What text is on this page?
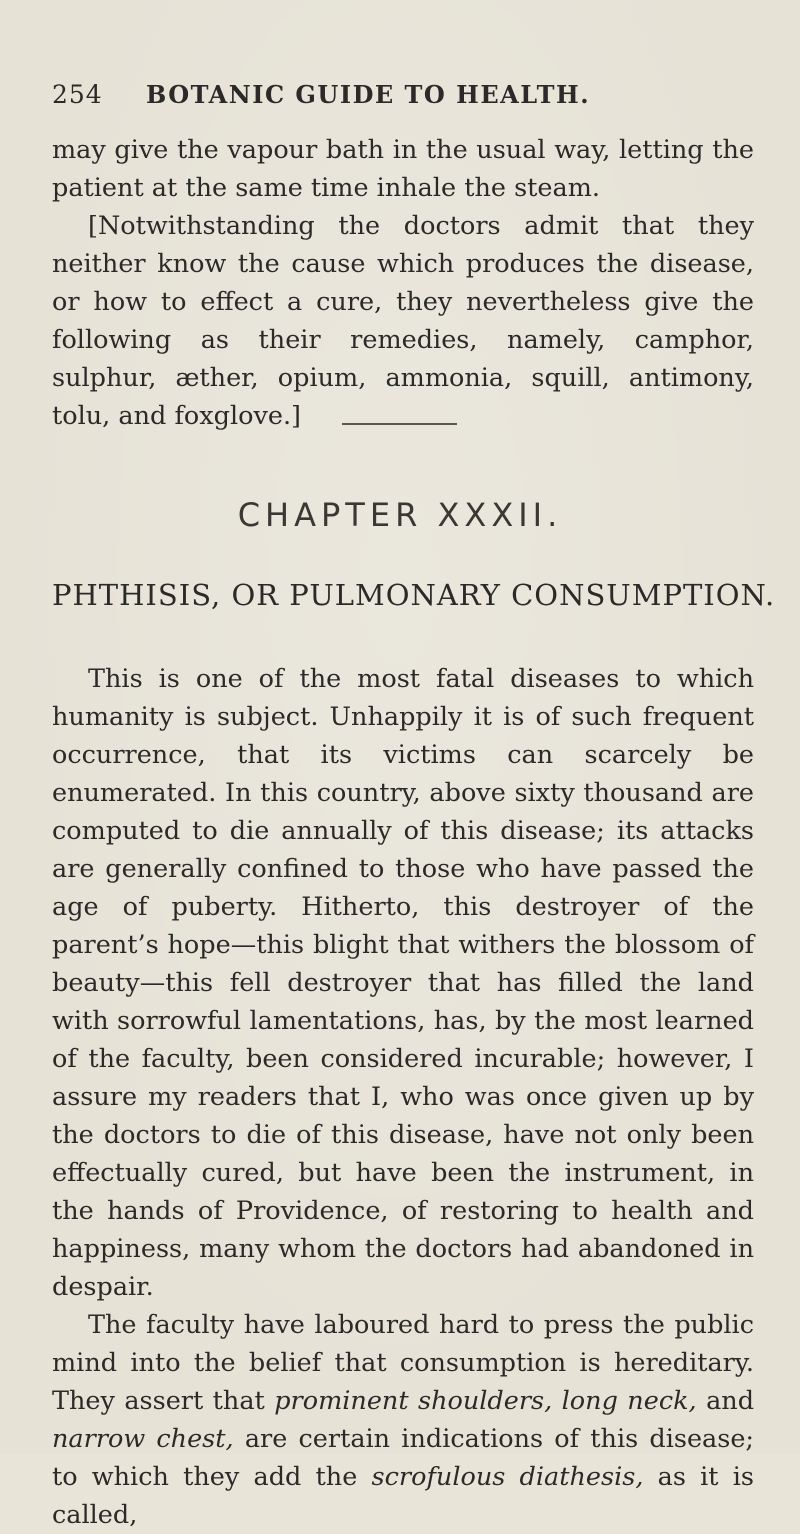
254 BOTANIC GUIDE TO HEALTH.

may give the vapour bath in the usual way, letting the patient at the same time inhale the steam.

[Notwithstanding the doctors admit that they neither know the cause which produces the disease, or how to effect a cure, they nevertheless give the following as their remedies, namely, camphor, sulphur, æther, opium, ammonia, squill, antimony, tolu, and foxglove.]

CHAPTER XXXII.
PHTHISIS, OR PULMONARY CONSUMPTION.

This is one of the most fatal diseases to which humanity is subject. Unhappily it is of such frequent occurrence, that its victims can scarcely be enumerated. In this country, above sixty thousand are computed to die annually of this disease; its attacks are generally confined to those who have passed the age of puberty. Hitherto, this destroyer of the parent’s hope—this blight that withers the blossom of beauty—this fell destroyer that has filled the land with sorrowful lamentations, has, by the most learned of the faculty, been considered incurable; however, I assure my readers that I, who was once given up by the doctors to die of this disease, have not only been effectually cured, but have been the instrument, in the hands of Providence, of restoring to health and happiness, many whom the doctors had abandoned in despair.

The faculty have laboured hard to press the public mind into the belief that consumption is hereditary. They assert that prominent shoulders, long neck, and narrow chest, are certain indications of this disease; to which they add the scrofulous diathesis, as it is called,
